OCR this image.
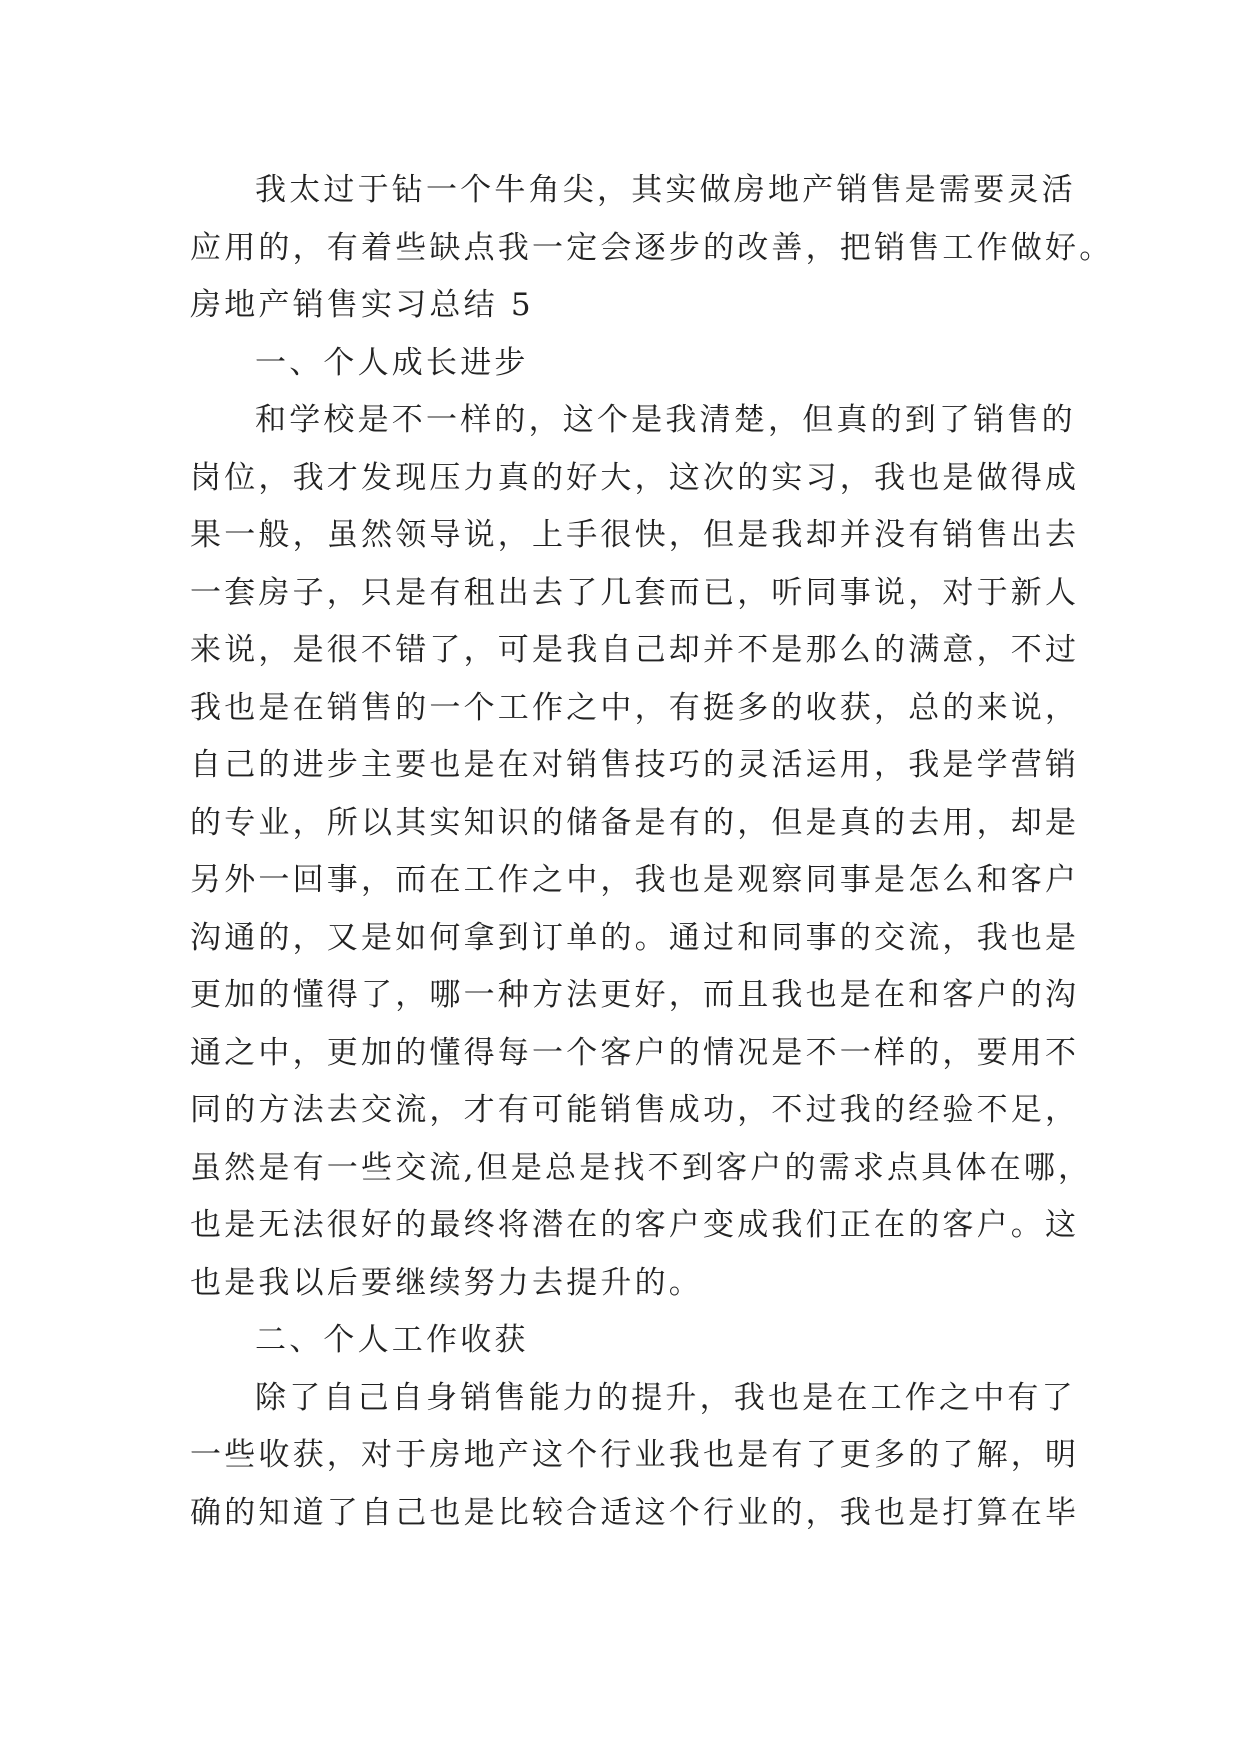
我太过于钻一个牛角尖，其实做房地产销售是需要灵活
应用的，有着些缺点我一定会逐步的改善，把销售工作做好。
房地产销售实习总结 5
一、个人成长进步
和学校是不一样的，这个是我清楚，但真的到了销售的
岗位，我才发现压力真的好大，这次的实习，我也是做得成
果一般，虽然领导说，上手很快，但是我却并没有销售出去
一套房子，只是有租出去了几套而已，听同事说，对于新人
来说，是很不错了，可是我自己却并不是那么的满意，不过
我也是在销售的一个工作之中，有挺多的收获，总的来说，
自己的进步主要也是在对销售技巧的灵活运用，我是学营销
的专业，所以其实知识的储备是有的，但是真的去用，却是
另外一回事，而在工作之中，我也是观察同事是怎么和客户
沟通的，又是如何拿到订单的。通过和同事的交流，我也是
更加的懂得了，哪一种方法更好，而且我也是在和客户的沟
通之中，更加的懂得每一个客户的情况是不一样的，要用不
同的方法去交流，才有可能销售成功，不过我的经验不足，
虽然是有一些交流,但是总是找不到客户的需求点具体在哪，
也是无法很好的最终将潜在的客户变成我们正在的客户。这
也是我以后要继续努力去提升的。
二、个人工作收获
除了自己自身销售能力的提升，我也是在工作之中有了
一些收获，对于房地产这个行业我也是有了更多的了解，明
确的知道了自己也是比较合适这个行业的，我也是打算在毕
